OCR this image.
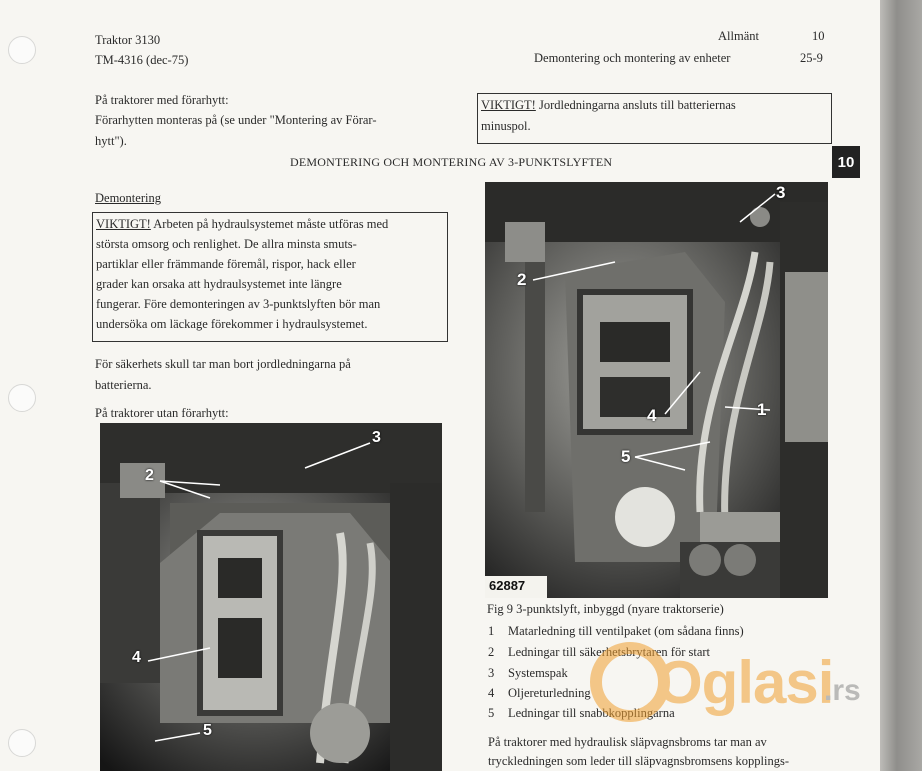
Traktor 3130
TM-4316 (dec-75)
Allmänt	10
Demontering och montering av enheter	25-9
På traktorer med förarhytt:
Förarhytten monteras på (se under "Montering av Förar-
hytt").
VIKTIGT! Jordledningarna ansluts till batteriernas
minuspol.
10
DEMONTERING OCH MONTERING AV 3-PUNKTSLYFTEN
Demontering
VIKTIGT! Arbeten på hydraulsystemet måste utföras med
största omsorg och renlighet. De allra minsta smuts-
partiklar eller främmande föremål, rispor, hack eller
grader kan orsaka att hydraulsystemet inte längre
fungerar. Före demonteringen av 3-punktslyften bör man
undersöka om läckage förekommer i hydraulsystemet.
För säkerhets skull tar man bort jordledningarna på
batterierna.
På traktorer utan förarhytt:
2
3
4
5
2
3
4
5
1
62887
Fig 9 3-punktslyft, inbyggd (nyare traktorserie)
1 Matarledning till ventilpaket (om sådana finns)
2 Ledningar till säkerhetsbrytaren för start
3 Systemspak
4 Oljereturledning
5 Ledningar till snabbkopplingarna
På traktorer med hydraulisk släpvagnsbroms tar man av
tryckledningen som leder till släpvagnsbromsens kopplings-
Oglasi
.rs
